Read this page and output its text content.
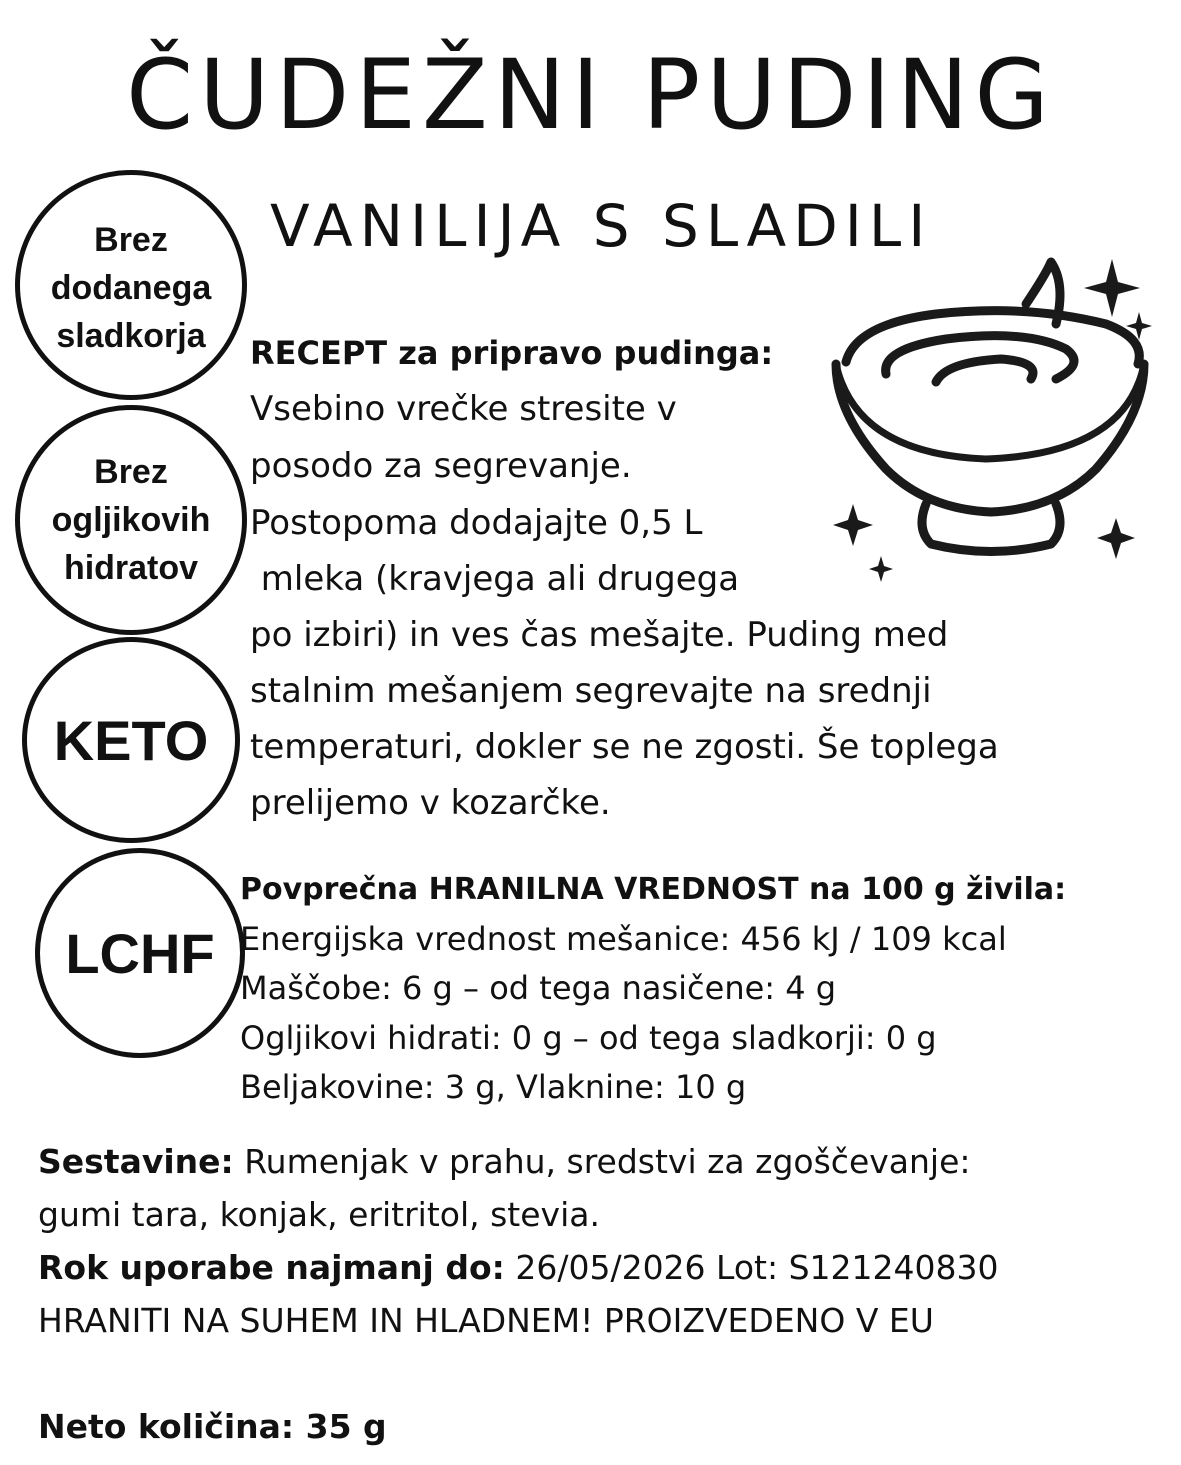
ČUDEŽNI PUDING
VANILIJA S SLADILI
Brez
dodanega
sladkorja
Brez
ogljikovih
hidratov
KETO
LCHF
RECEPT za pripravo pudinga:
Vsebino vrečke stresite v
posodo za segrevanje.
Postopoma dodajajte 0,5 L
mleka (kravjega ali drugega
po izbiri) in ves čas mešajte. Puding med
stalnim mešanjem segrevajte na srednji
temperaturi, dokler se ne zgosti. Še toplega
prelijemo v kozarčke.
Povprečna HRANILNA VREDNOST na 100 g živila:
Energijska vrednost mešanice: 456 kJ / 109 kcal
Maščobe: 6 g – od tega nasičene: 4 g
Ogljikovi hidrati: 0 g – od tega sladkorji: 0 g
Beljakovine: 3 g, Vlaknine: 10 g
Sestavine: Rumenjak v prahu, sredstvi za zgoščevanje:
gumi tara, konjak, eritritol, stevia.
Rok uporabe najmanj do: 26/05/2026 Lot: S121240830
HRANITI NA SUHEM IN HLADNEM! PROIZVEDENO V EU
Neto količina: 35 g
